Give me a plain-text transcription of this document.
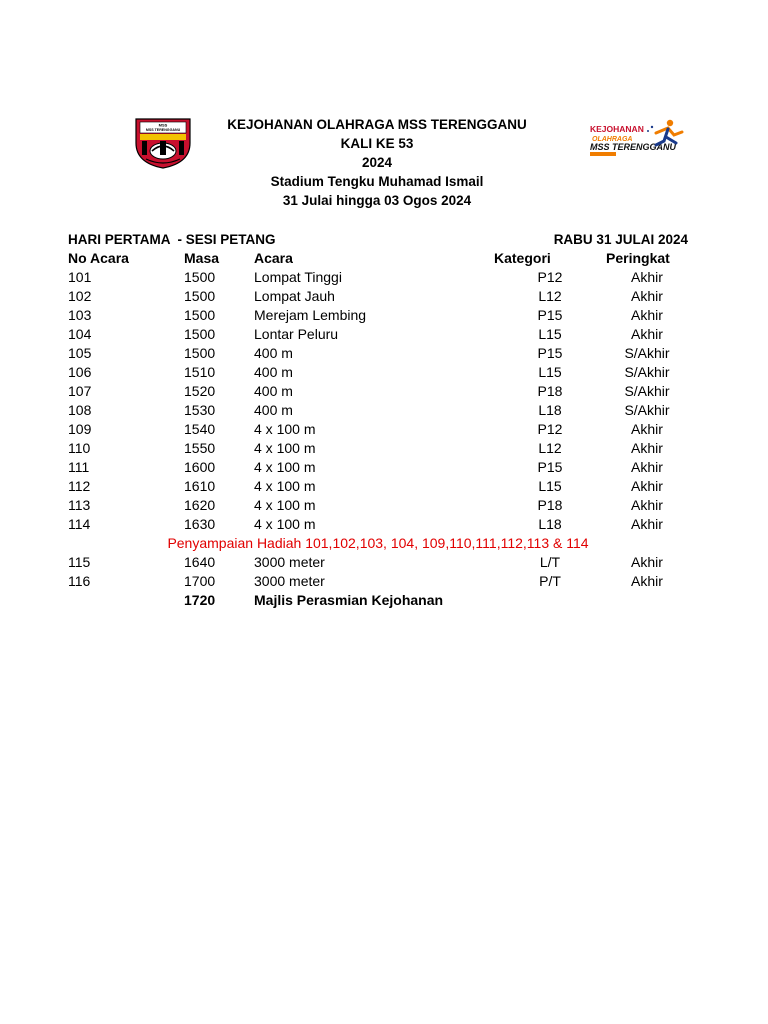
MSS
MSS TERENGGANU	KEJOHANAN OLAHRAGA MSS TERENGGANU
KALI KE 53
2024
Stadium Tengku Muhamad Ismail
31 Julai hingga 03 Ogos 2024
KEJOHANAN
OLAHRAGA
MSS TERENGGANU
HARI PERTAMA  - SESI PETANG	RABU 31 JULAI 2024
No Acara	Masa	Acara	Kategori	Peringkat
101	1500	Lompat Tinggi	P12	Akhir
102	1500	Lompat Jauh	L12	Akhir
103	1500	Merejam Lembing	P15	Akhir
104	1500	Lontar Peluru	L15	Akhir
105	1500	400 m	P15	S/Akhir
106	1510	400 m	L15	S/Akhir
107	1520	400 m	P18	S/Akhir
108	1530	400 m	L18	S/Akhir
109	1540	4 x 100 m	P12	Akhir
110	1550	4 x 100 m	L12	Akhir
111	1600	4 x 100 m	P15	Akhir
112	1610	4 x 100 m	L15	Akhir
113	1620	4 x 100 m	P18	Akhir
114	1630	4 x 100 m	L18	Akhir
Penyampaian Hadiah 101,102,103, 104, 109,110,111,112,113 & 114				
115	1640	3000 meter	L/T	Akhir
116	1700	3000 meter	P/T	Akhir
	1720	Majlis Perasmian Kejohanan		
